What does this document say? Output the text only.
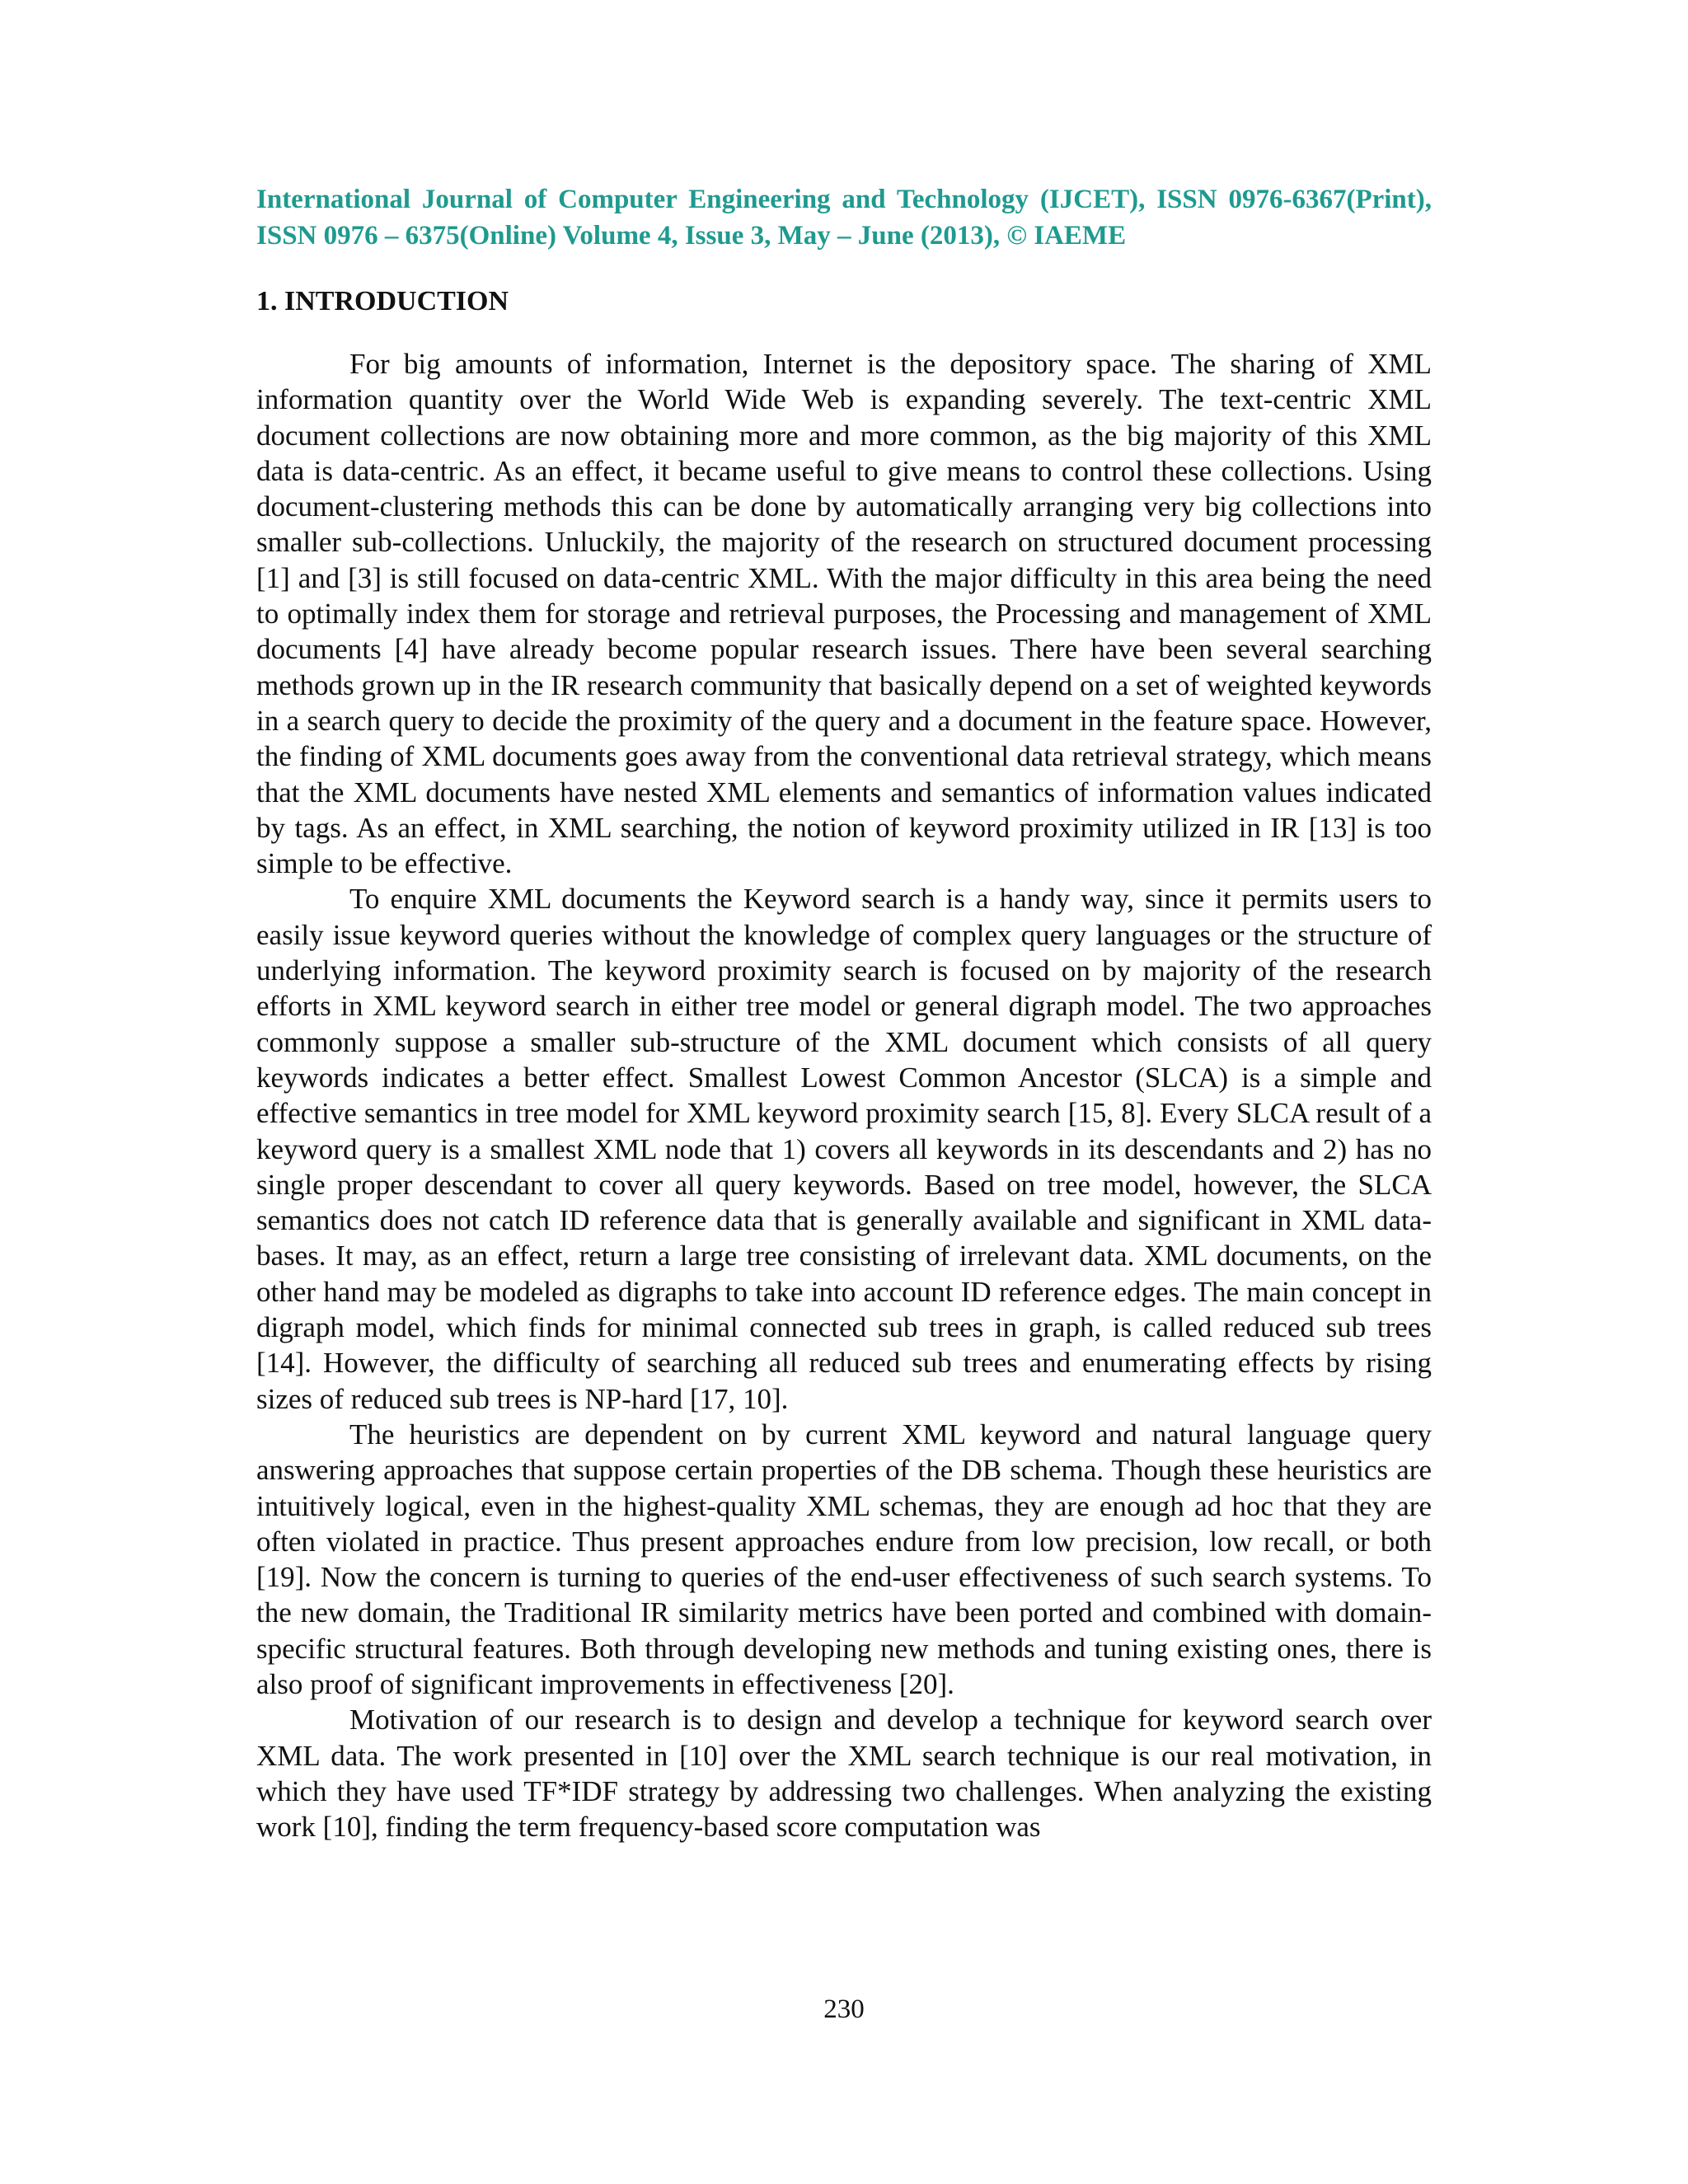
International Journal of Computer Engineering and Technology (IJCET), ISSN 0976-6367(Print), ISSN 0976 – 6375(Online) Volume 4, Issue 3, May – June (2013), © IAEME

1. INTRODUCTION

For big amounts of information, Internet is the depository space. The sharing of XML information quantity over the World Wide Web is expanding severely. The text-centric XML document collections are now obtaining more and more common, as the big majority of this XML data is data-centric. As an effect, it became useful to give means to control these collections. Using document-clustering methods this can be done by automatically arranging very big collections into smaller sub-collections. Unluckily, the majority of the research on structured document processing [1] and [3] is still focused on data-centric XML. With the major difficulty in this area being the need to optimally index them for storage and retrieval purposes, the Processing and management of XML documents [4] have already become popular research issues. There have been several searching methods grown up in the IR research community that basically depend on a set of weighted keywords in a search query to decide the proximity of the query and a document in the feature space. However, the finding of XML documents goes away from the conventional data retrieval strategy, which means that the XML documents have nested XML elements and semantics of information values indicated by tags. As an effect, in XML searching, the notion of keyword proximity utilized in IR [13] is too simple to be effective.

To enquire XML documents the Keyword search is a handy way, since it permits users to easily issue keyword queries without the knowledge of complex query languages or the structure of underlying information. The keyword proximity search is focused on by majority of the research efforts in XML keyword search in either tree model or general digraph model. The two approaches commonly suppose a smaller sub-structure of the XML document which consists of all query keywords indicates a better effect. Smallest Lowest Common Ancestor (SLCA) is a simple and effective semantics in tree model for XML keyword proximity search [15, 8]. Every SLCA result of a keyword query is a smallest XML node that 1) covers all keywords in its descendants and 2) has no single proper descendant to cover all query keywords. Based on tree model, however, the SLCA semantics does not catch ID reference data that is generally available and significant in XML data-bases. It may, as an effect, return a large tree consisting of irrelevant data. XML documents, on the other hand may be modeled as digraphs to take into account ID reference edges. The main concept in digraph model, which finds for minimal connected sub trees in graph, is called reduced sub trees [14]. However, the difficulty of searching all reduced sub trees and enumerating effects by rising sizes of reduced sub trees is NP-hard [17, 10].

The heuristics are dependent on by current XML keyword and natural language query answering approaches that suppose certain properties of the DB schema. Though these heuristics are intuitively logical, even in the highest-quality XML schemas, they are enough ad hoc that they are often violated in practice. Thus present approaches endure from low precision, low recall, or both [19]. Now the concern is turning to queries of the end-user effectiveness of such search systems. To the new domain, the Traditional IR similarity metrics have been ported and combined with domain-specific structural features. Both through developing new methods and tuning existing ones, there is also proof of significant improvements in effectiveness [20].

Motivation of our research is to design and develop a technique for keyword search over XML data. The work presented in [10] over the XML search technique is our real motivation, in which they have used TF*IDF strategy by addressing two challenges. When analyzing the existing work [10], finding the term frequency-based score computation was

230
